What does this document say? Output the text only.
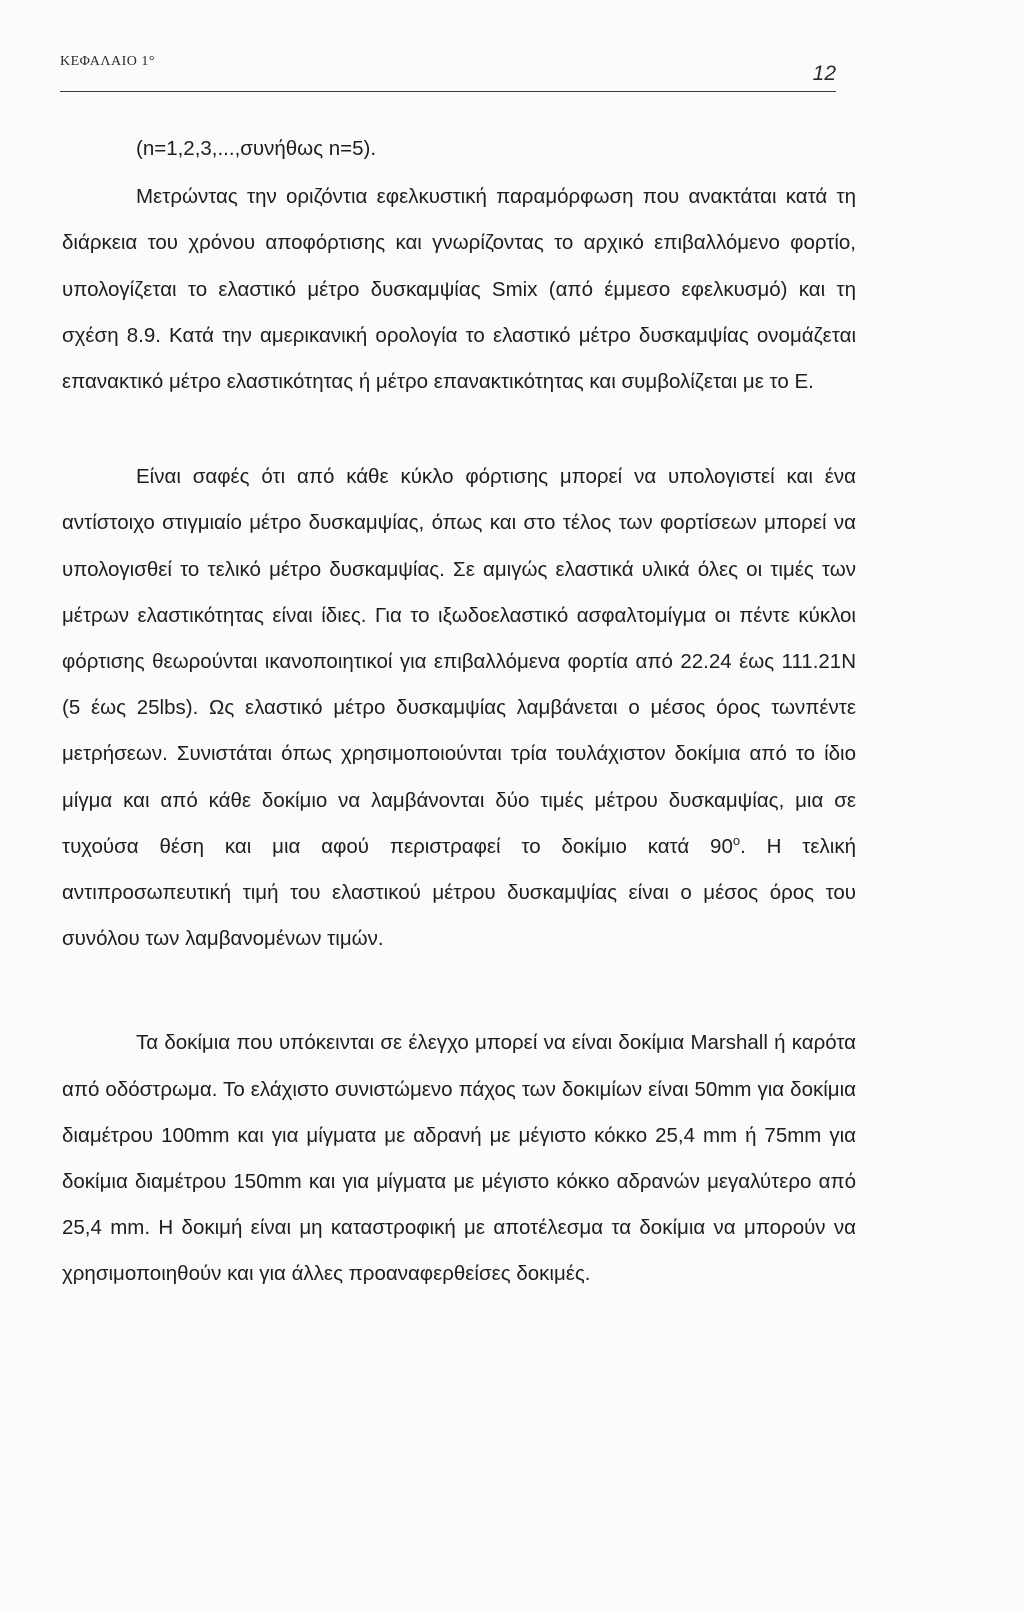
ΚΕΦΑΛΑΙΟ 1°
12

(n=1,2,3,...,συνήθως n=5).

Μετρώντας την οριζόντια εφελκυστική παραμόρφωση που ανακτάται κατά τη διάρκεια του χρόνου αποφόρτισης και γνωρίζοντας το αρχικό επιβαλλόμενο φορτίο, υπολογίζεται το ελαστικό μέτρο δυσκαμψίας Smix (από έμμεσο εφελκυσμό) και τη σχέση 8.9. Κατά την αμερικανική ορολογία το ελαστικό μέτρο δυσκαμψίας ονομάζεται επανακτικό μέτρο ελαστικότητας ή μέτρο επανακτικότητας και συμβολίζεται με το Ε.

Είναι σαφές ότι από κάθε κύκλο φόρτισης μπορεί να υπολογιστεί και ένα αντίστοιχο στιγμιαίο μέτρο δυσκαμψίας, όπως και στο τέλος των φορτίσεων μπορεί να υπολογισθεί το τελικό μέτρο δυσκαμψίας. Σε αμιγώς ελαστικά υλικά όλες οι τιμές των μέτρων ελαστικότητας είναι ίδιες. Για το ιξωδοελαστικό ασφαλτομίγμα οι πέντε κύκλοι φόρτισης θεωρούνται ικανοποιητικοί για επιβαλλόμενα φορτία από 22.24 έως 111.21N (5 έως 25lbs). Ως ελαστικό μέτρο δυσκαμψίας λαμβάνεται ο μέσος όρος τωνπέντε μετρήσεων. Συνιστάται όπως χρησιμοποιούνται τρία τουλάχιστον δοκίμια από το ίδιο μίγμα και από κάθε δοκίμιο να λαμβάνονται δύο τιμές μέτρου δυσκαμψίας, μια σε τυχούσα θέση και μια αφού περιστραφεί το δοκίμιο κατά 90$^o$. Η τελική αντιπροσωπευτική τιμή του ελαστικού μέτρου δυσκαμψίας είναι ο μέσος όρος του συνόλου των λαμβανομένων τιμών.

Τα δοκίμια που υπόκεινται σε έλεγχο μπορεί να είναι δοκίμια Marshall ή καρότα από οδόστρωμα. Το ελάχιστο συνιστώμενο πάχος των δοκιμίων είναι 50mm για δοκίμια διαμέτρου 100mm και για μίγματα με αδρανή με μέγιστο κόκκο 25,4 mm ή 75mm για δοκίμια διαμέτρου 150mm και για μίγματα με μέγιστο κόκκο αδρανών μεγαλύτερο από 25,4 mm. Η δοκιμή είναι μη καταστροφική με αποτέλεσμα τα δοκίμια να μπορούν να χρησιμοποιηθούν και για άλλες προαναφερθείσες δοκιμές.
